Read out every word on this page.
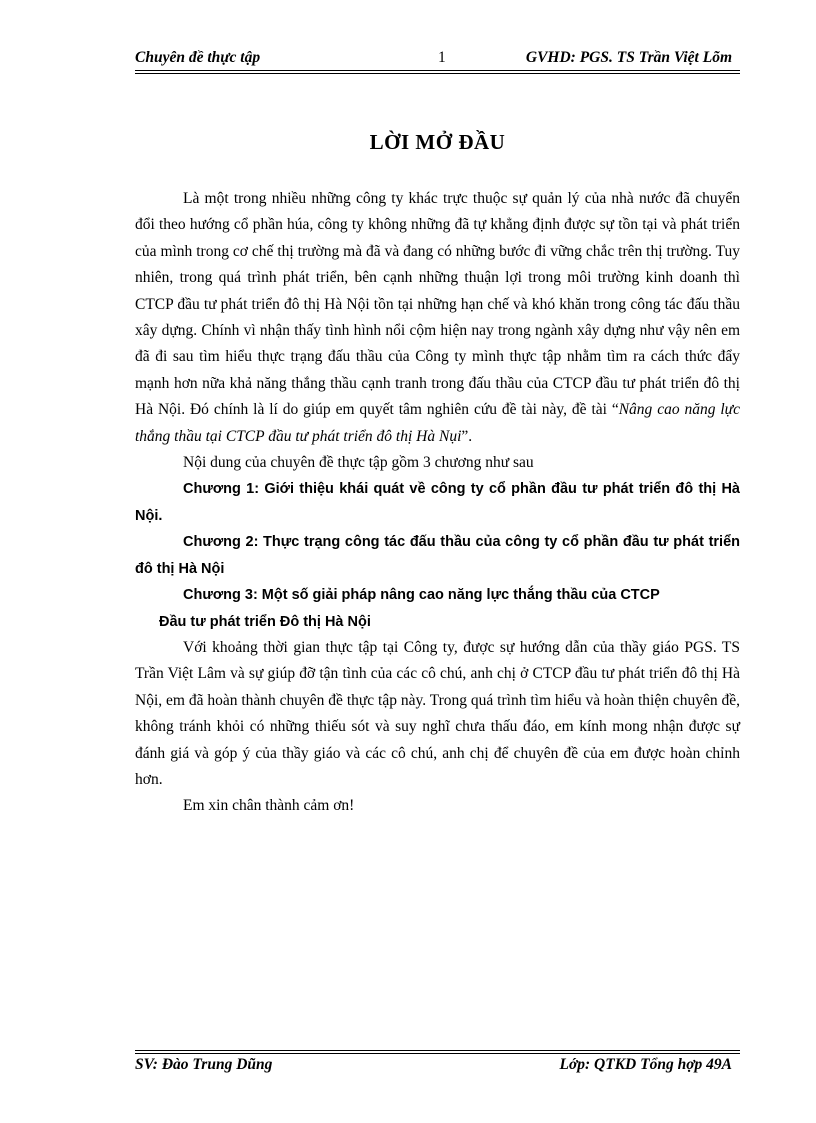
Chuyên đề thực tập	1	GVHD: PGS. TS Trần Việt Lõm
LỜI MỞ ĐẦU

Là một trong nhiều những công ty khác trực thuộc sự quản lý của nhà nước đã chuyển đổi theo hướng cổ phần húa, công ty không những đã tự khẳng định được sự tồn tại và phát triển của mình trong cơ chế thị trường mà đã và đang có những bước đi vững chắc trên thị trường. Tuy nhiên, trong quá trình phát triển, bên cạnh những thuận lợi trong môi trường kinh doanh thì CTCP đầu tư phát triển đô thị Hà Nội tồn tại những hạn chế và khó khăn trong công tác đấu thầu xây dựng. Chính vì nhận thấy tình hình nổi cộm hiện nay trong ngành xây dựng như vậy nên em đã đi sau tìm hiểu thực trạng đấu thầu của Công ty mình thực tập nhằm tìm ra cách thức đẩy mạnh hơn nữa khả năng thắng thầu cạnh tranh trong đấu thầu của CTCP đầu tư phát triển đô thị Hà Nội. Đó chính là lí do giúp em quyết tâm nghiên cứu đề tài này, đề tài “Nâng cao năng lực thắng thầu tại CTCP đầu tư phát triển đô thị Hà Nụi”.

Nội dung của chuyên đề thực tập gồm 3 chương như sau

Chương 1: Giới thiệu khái quát về công ty cổ phần đầu tư phát triển đô thị Hà Nội.

Chương 2: Thực trạng công tác đấu thầu của công ty cổ phần đầu tư phát triển đô thị Hà Nội

Chương 3: Một số giải pháp nâng cao năng lực thắng thầu của CTCP

Đầu tư phát triển Đô thị Hà Nội

Với khoảng thời gian thực tập tại Công ty, được sự hướng dẫn của thầy giáo PGS. TS Trần Việt Lâm và sự giúp đỡ tận tình của các cô chú, anh chị ở CTCP đầu tư phát triển đô thị Hà Nội, em đã hoàn thành chuyên đề thực tập này. Trong quá trình tìm hiểu và hoàn thiện chuyên đề, không tránh khỏi có những thiếu sót và suy nghĩ chưa thấu đáo, em kính mong nhận được sự đánh giá và góp ý của thầy giáo và các cô chú, anh chị để chuyên đề của em được hoàn chỉnh hơn.

Em xin chân thành cảm ơn!

SV: Đào Trung Dũng	Lớp: QTKD Tổng hợp 49A
